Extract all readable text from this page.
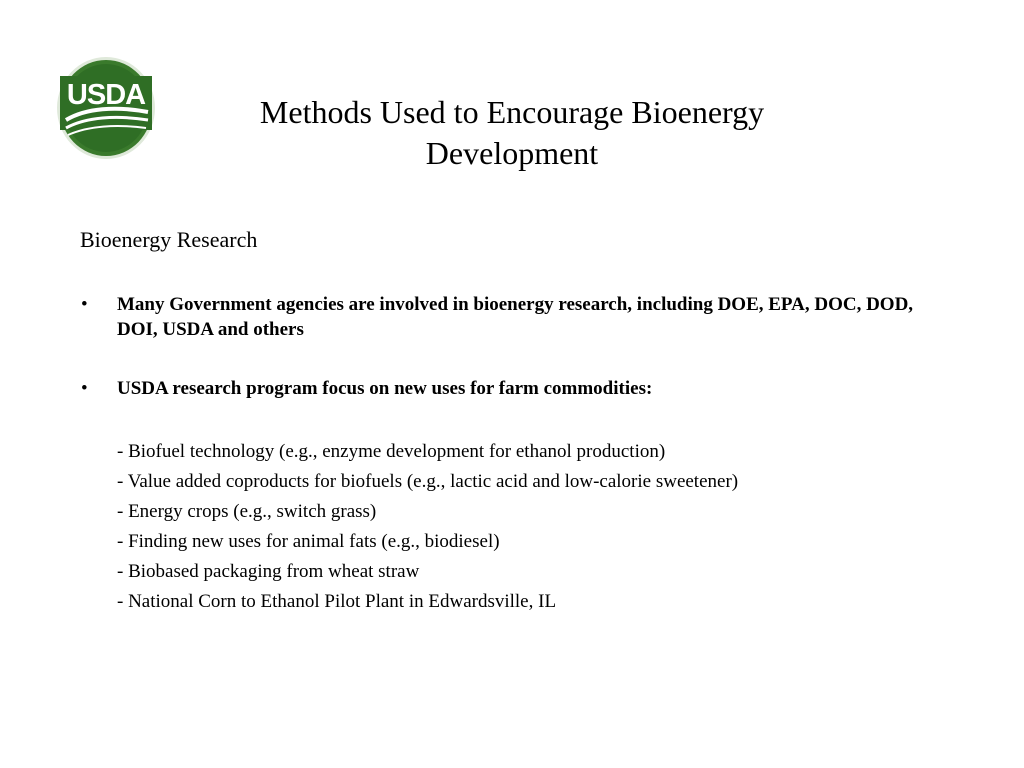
USDA	Methods Used to Encourage Bioenergy
Development
Bioenergy Research
• Many Government agencies are involved in bioenergy research, including DOE, EPA, DOC, DOD, DOI, USDA and others
• USDA research program focus on new uses for farm commodities:
- Biofuel technology (e.g., enzyme development for ethanol production)
- Value added coproducts for biofuels (e.g., lactic acid and low-calorie sweetener)
- Energy crops (e.g., switch grass)
- Finding new uses for animal fats (e.g., biodiesel)
- Biobased packaging from wheat straw
- National Corn to Ethanol Pilot Plant in Edwardsville, IL
